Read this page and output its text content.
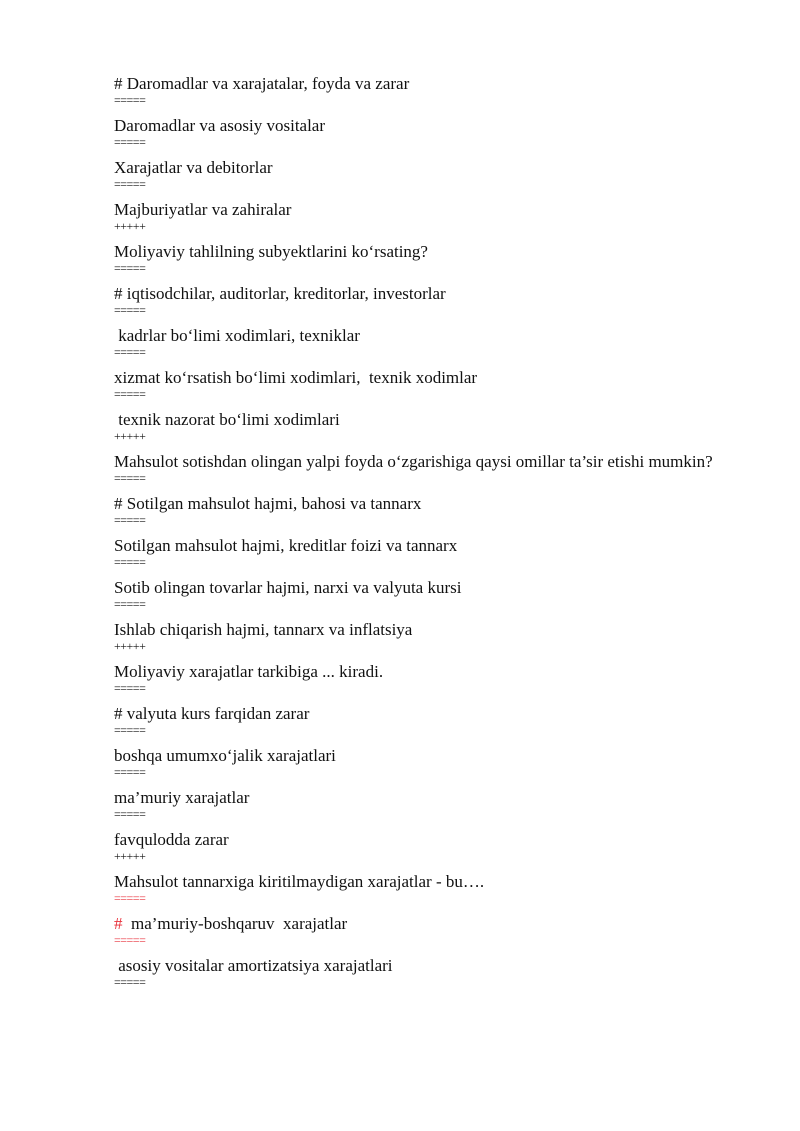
# Daromadlar va xarajatalar, foyda va zarar
=====
Daromadlar va asosiy vositalar
=====
Xarajatlar va debitorlar
=====
Majburiyatlar va zahiralar
+++++
Moliyaviy tahlilning subyektlarini koʻrsating?
=====
# iqtisodchilar, auditorlar, kreditorlar, investorlar
=====
kadrlar boʻlimi xodimlari, texniklar
=====
xizmat koʻrsatish boʻlimi xodimlari,  texnik xodimlar
=====
texnik nazorat boʻlimi xodimlari
+++++
Mahsulot sotishdan olingan yalpi foyda oʻzgarishiga qaysi omillar ta’sir etishi mumkin?
=====
# Sotilgan mahsulot hajmi, bahosi va tannarx
=====
Sotilgan mahsulot hajmi, kreditlar foizi va tannarx
=====
Sotib olingan tovarlar hajmi, narxi va valyuta kursi
=====
Ishlab chiqarish hajmi, tannarx va inflatsiya
+++++
Moliyaviy xarajatlar tarkibiga ... kiradi.
=====
# valyuta kurs farqidan zarar
=====
boshqa umumxoʻjalik xarajatlari
=====
ma’muriy xarajatlar
=====
favqulodda zarar
+++++
Mahsulot tannarxiga kiritilmaydigan xarajatlar - bu….
=====
#  ma’muriy-boshqaruv  xarajatlar
=====
asosiy vositalar amortizatsiya xarajatlari
=====
